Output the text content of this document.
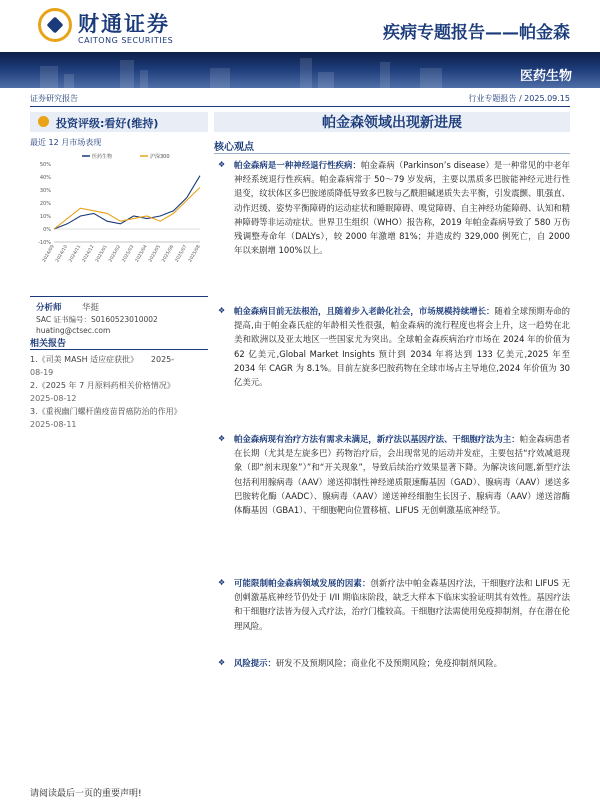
财通证券
CAITONG SECURITIES	疾病专题报告——帕金森
医药生物
证券研究报告	行业专题报告 / 2025.09.15
投资评级:看好(维持)
最近 12 月市场表现
50%
40%
30%
20%
10%
0%
-10%
2024/09 2024/10 2024/11 2024/12 2025/01 2025/02 2025/03 2025/04 2025/05 2025/06 2025/07 2025/08
医药生物	沪深300
分析师 华挺
SAC 证书编号：S0160523010002
huating@ctsec.com
相关报告
1.《司美 MASH 适应症获批》 2025-
08-19
2.《2025 年 7 月原料药相关价格情况》
2025-08-12
3.《重视幽门螺杆菌疫苗胃癌防治的作用》
2025-08-11
帕金森领域出现新进展
核心观点
❖ 帕金森病是一种神经退行性疾病：帕金森病（Parkinson’s disease）是一种常见的中老年神经系统退行性疾病。帕金森病常于 50～79 岁发病，主要以黑质多巴胺能神经元进行性退变，纹状体区多巴胺递质降低导致多巴胺与乙酰胆碱递质失去平衡，引发震颤、肌强直、动作迟缓、姿势平衡障碍的运动症状和睡眠障碍、嗅觉障碍、自主神经功能障碍、认知和精神障碍等非运动症状。世界卫生组织（WHO）报告称，2019 年帕金森病导致了 580 万伤残调整寿命年（DALYs），较 2000 年激增 81%；并造成约 329,000 例死亡，自 2000 年以来剧增 100%以上。
❖ 帕金森病目前无法根治，且随着步入老龄化社会，市场规模持续增长：随着全球预期寿命的提高,由于帕金森氏症的年龄相关性很强，帕金森病的流行程度也将会上升，这一趋势在北美和欧洲以及亚太地区一些国家尤为突出。全球帕金森疾病治疗市场在 2024 年的价值为 62 亿美元,Global Market Insights 预计到 2034 年将达到 133 亿美元,2025 年至 2034 年 CAGR 为 8.1%。目前左旋多巴胺药物在全球市场占主导地位,2024 年价值为 30 亿美元。
❖ 帕金森病现有治疗方法有需求未满足，新疗法以基因疗法、干细胞疗法为主：帕金森病患者在长期（尤其是左旋多巴）药物治疗后，会出现常见的运动并发症，主要包括“疗效减退现象（即“剂末现象”）”和“开关现象”，导致后续治疗效果显著下降。为解决该问题,新型疗法包括利用腺病毒（AAV）递送抑制性神经递质限速酶基因（GAD）、腺病毒（AAV）递送多巴胺转化酶（AADC）、腺病毒（AAV）递送神经细胞生长因子、腺病毒（AAV）递送溶酶体酶基因（GBA1）、干细胞靶向位置移植、LIFUS 无创刺激基底神经节。
❖ 可能限制帕金森病领域发展的因素：创新疗法中帕金森基因疗法，干细胞疗法和 LIFUS 无创刺激基底神经节仍处于 I/II 期临床阶段，缺乏大样本下临床实验证明其有效性。基因疗法和干细胞疗法皆为侵入式疗法，治疗门槛较高。干细胞疗法需使用免疫抑制剂，存在潜在伦理风险。
❖ 风险提示：研发不及预期风险；商业化不及预期风险；免疫抑制剂风险。
请阅读最后一页的重要声明!
